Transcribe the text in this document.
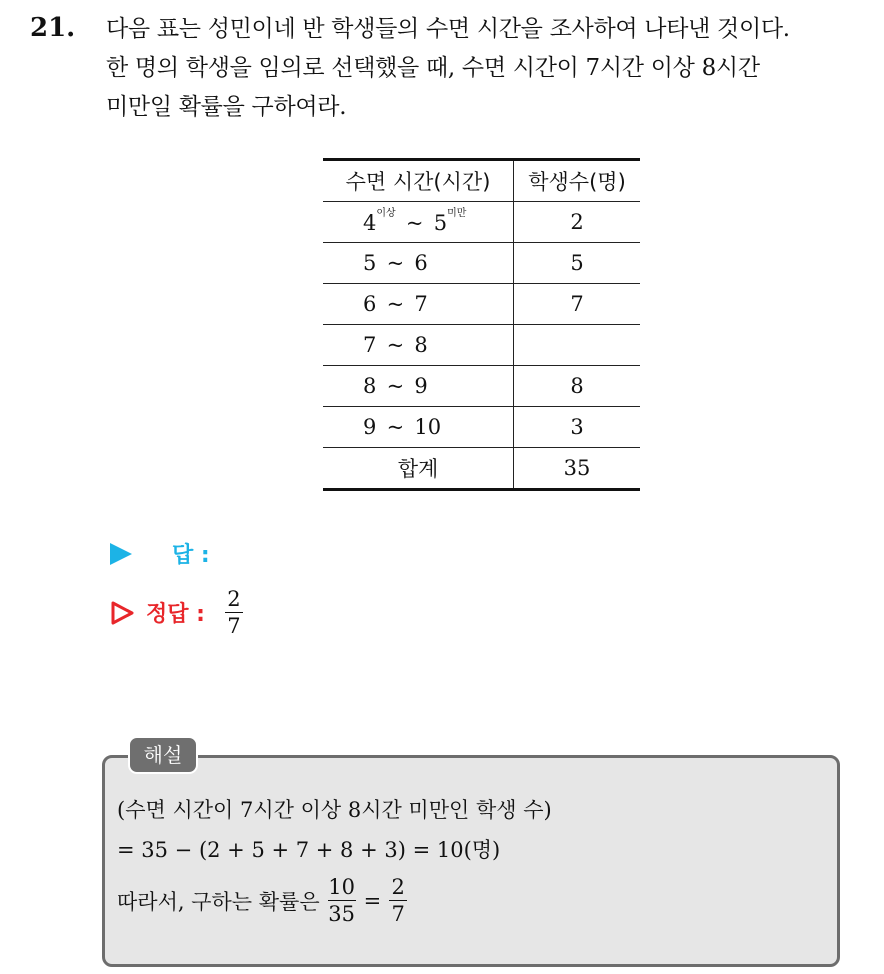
21. 다음 표는 성민이네 반 학생들의 수면 시간을 조사하여 나타낸 것이다.
한 명의 학생을 임의로 선택했을 때, 수면 시간이 7시간 이상 8시간
미만일 확률을 구하여라.
수면 시간(시간)	학생수(명)
$4^{이상}$ ~ $5^{미만}$	2
5 ~ 6	5
6 ~ 7	7
7 ~ 8	
8 ~ 9	8
9 ~ 10	3
합계	35
답 :
정답 : $\frac{2}{7}$
해설
(수면 시간이 7시간 이상 8시간 미만인 학생 수)
= 35 − (2 + 5 + 7 + 8 + 3) = 10(명)
따라서, 구하는 확률은 $\frac{10}{35} = \frac{2}{7}$
